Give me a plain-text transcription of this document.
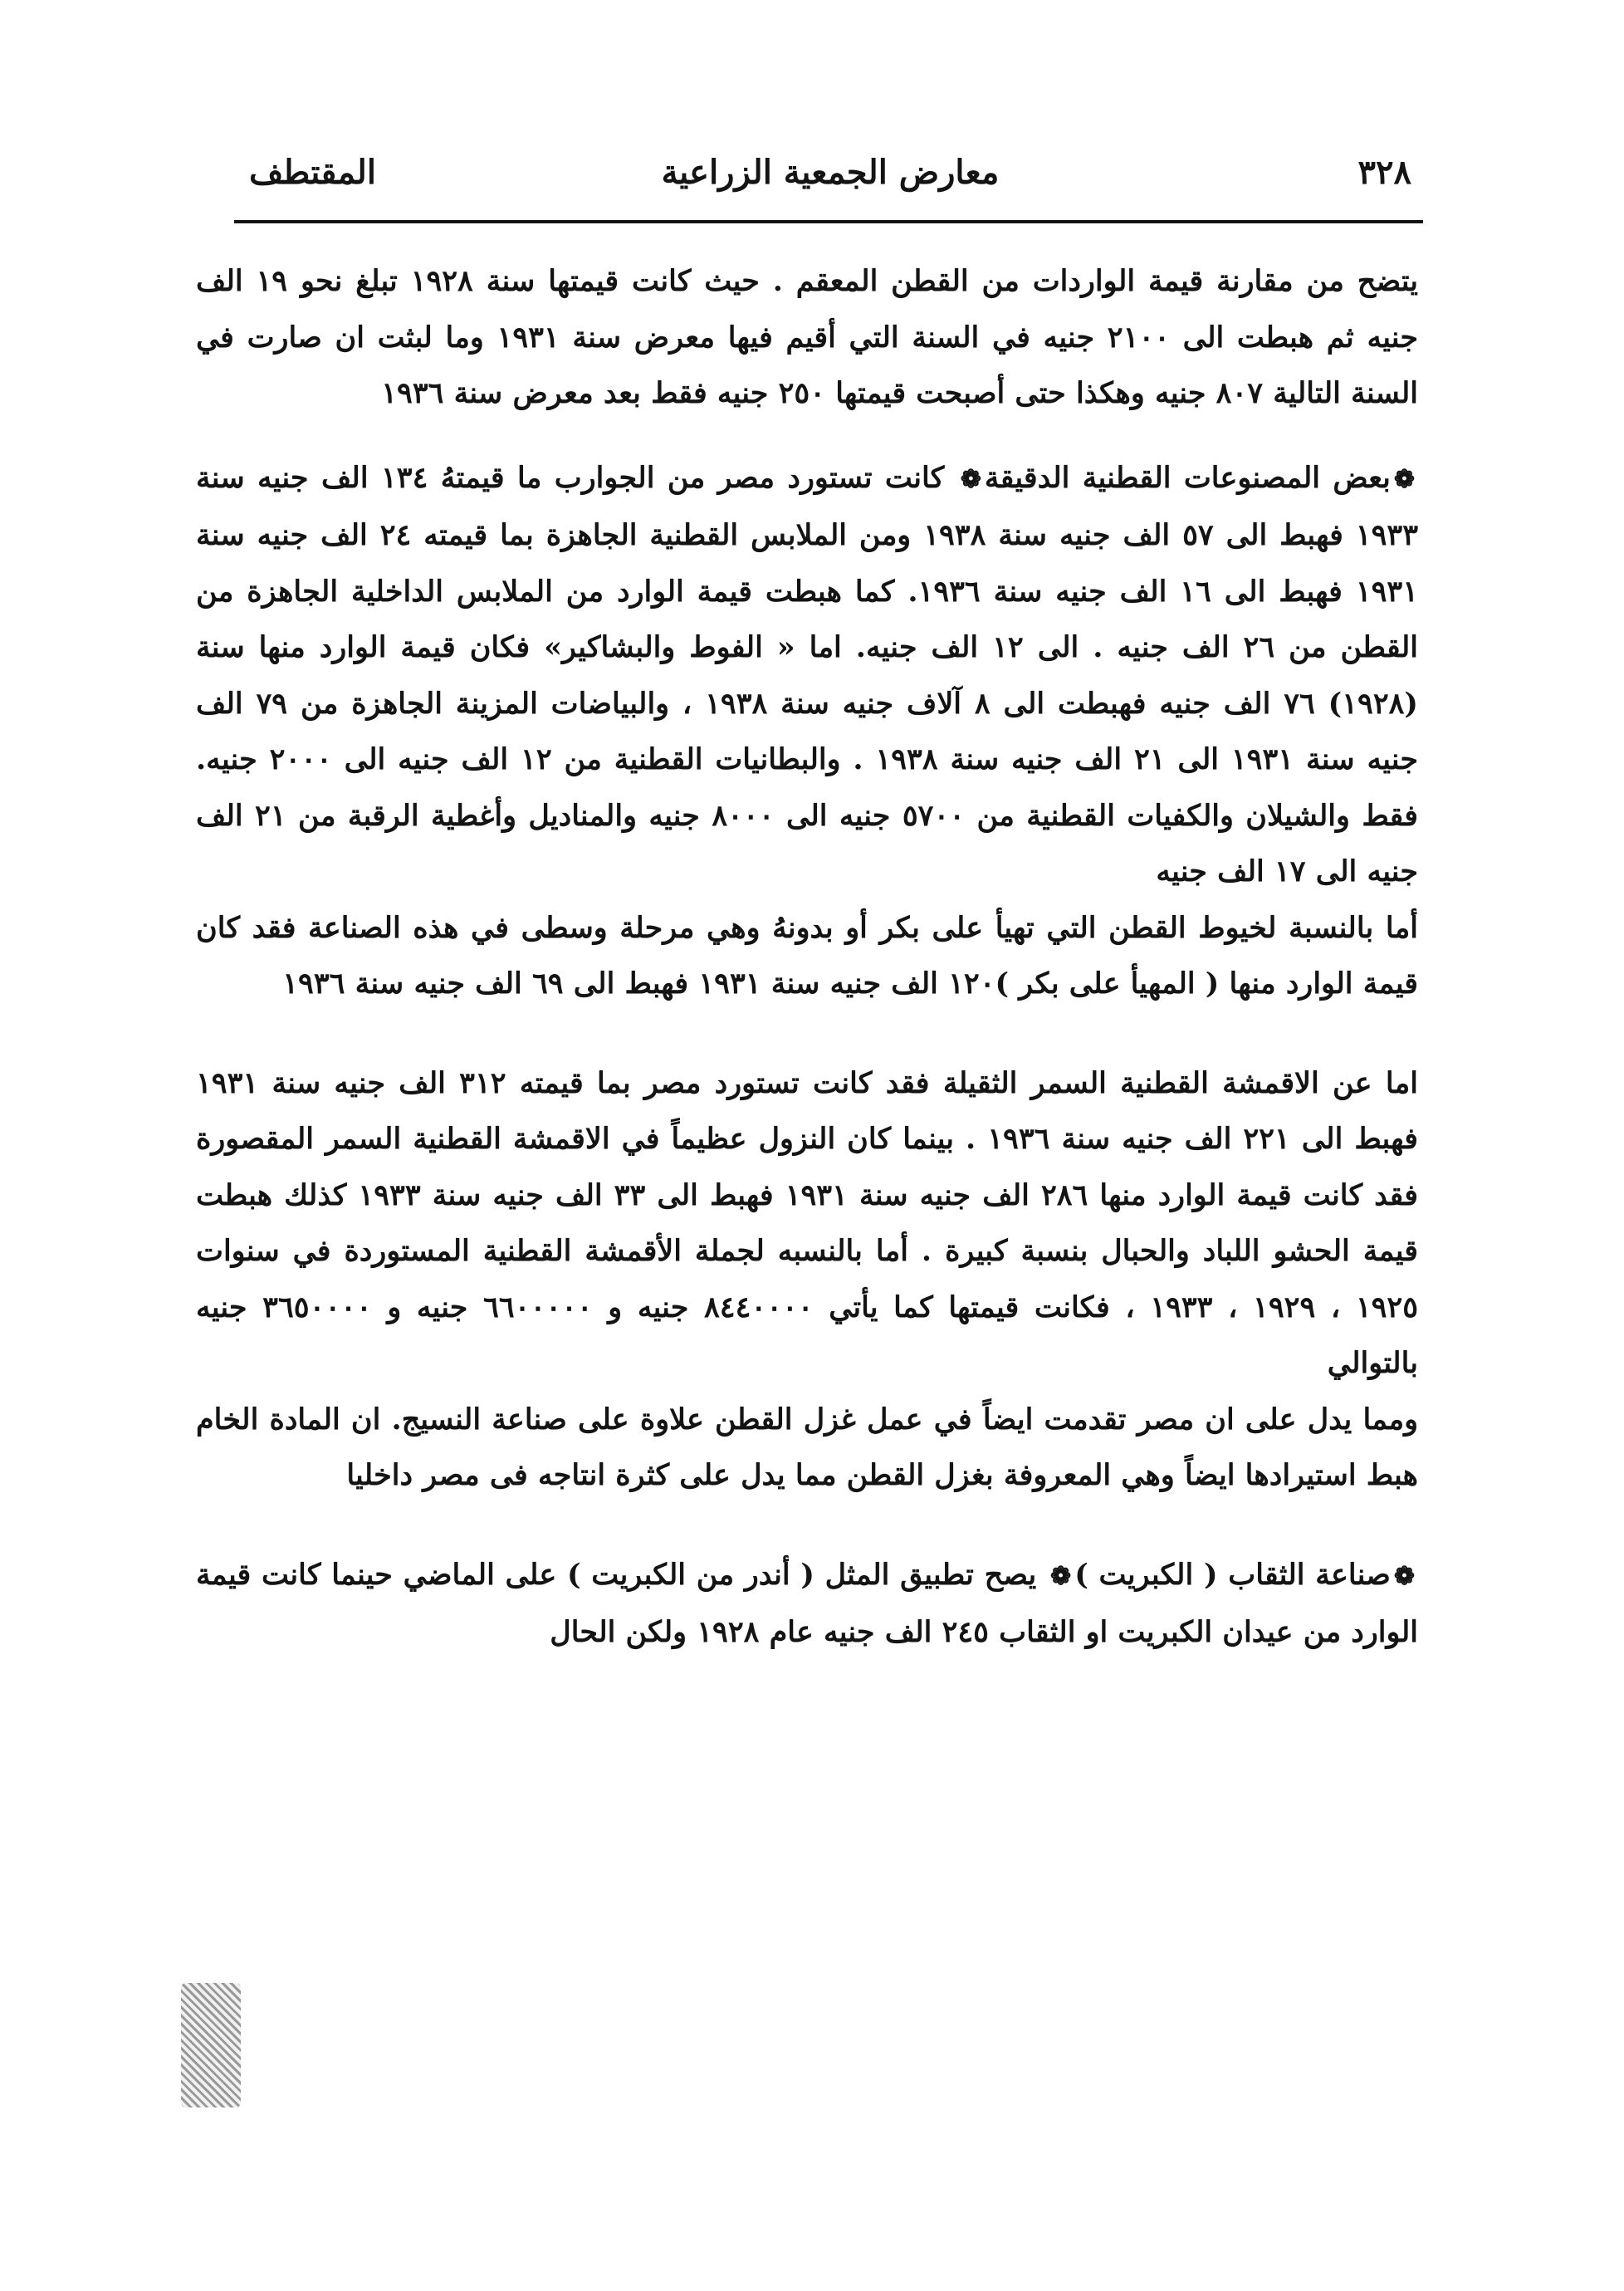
٣٢٨
معارض الجمعية الزراعية
المقتطف

يتضح من مقارنة قيمة الواردات من القطن المعقم . حيث كانت قيمتها سنة ١٩٢٨ تبلغ نحو ١٩ الف جنيه ثم هبطت الى ٢١٠٠ جنيه في السنة التي أقيم فيها معرض سنة ١٩٣١ وما لبثت ان صارت في السنة التالية ٨٠٧ جنيه وهكذا حتى أصبحت قيمتها ٢٥٠ جنيه فقط بعد معرض سنة ١٩٣٦

❁بعض المصنوعات القطنية الدقيقة❁ كانت تستورد مصر من الجوارب ما قيمتهُ ١٣٤ الف جنيه سنة ١٩٣٣ فهبط الى ٥٧ الف جنيه سنة ١٩٣٨ ومن الملابس القطنية الجاهزة بما قيمته ٢٤ الف جنيه سنة ١٩٣١ فهبط الى ١٦ الف جنيه سنة ١٩٣٦. كما هبطت قيمة الوارد من الملابس الداخلية الجاهزة من القطن من ٢٦ الف جنيه . الى ١٢ الف جنيه. اما « الفوط والبشاكير» فكان قيمة الوارد منها سنة (١٩٢٨) ٧٦ الف جنيه فهبطت الى ٨ آلاف جنيه سنة ١٩٣٨ ، والبياضات المزينة الجاهزة من ٧٩ الف جنيه سنة ١٩٣١ الى ٢١ الف جنيه سنة ١٩٣٨ . والبطانيات القطنية من ١٢ الف جنيه الى ٢٠٠٠ جنيه. فقط والشيلان والكفيات القطنية من ٥٧٠٠ جنيه الى ٨٠٠٠ جنيه والمناديل وأغطية الرقبة من ٢١ الف جنيه الى ١٧ الف جنيه

أما بالنسبة لخيوط القطن التي تهيأ على بكر أو بدونهُ وهي مرحلة وسطى في هذه الصناعة فقد كان قيمة الوارد منها ( المهيأ على بكر )١٢٠ الف جنيه سنة ١٩٣١ فهبط الى ٦٩ الف جنيه سنة ١٩٣٦

اما عن الاقمشة القطنية السمر الثقيلة فقد كانت تستورد مصر بما قيمته ٣١٢ الف جنيه سنة ١٩٣١ فهبط الى ٢٢١ الف جنيه سنة ١٩٣٦ . بينما كان النزول عظيماً في الاقمشة القطنية السمر المقصورة فقد كانت قيمة الوارد منها ٢٨٦ الف جنيه سنة ١٩٣١ فهبط الى ٣٣ الف جنيه سنة ١٩٣٣ كذلك هبطت قيمة الحشو اللباد والحبال بنسبة كبيرة . أما بالنسبه لجملة الأقمشة القطنية المستوردة في سنوات ١٩٢٥ ، ١٩٢٩ ، ١٩٣٣ ، فكانت قيمتها كما يأتي ٨٤٤٠٠٠٠ جنيه و ٦٦٠٠٠٠٠ جنيه و ٣٦٥٠٠٠٠ جنيه بالتوالي

ومما يدل على ان مصر تقدمت ايضاً في عمل غزل القطن علاوة على صناعة النسيج. ان المادة الخام هبط استيرادها ايضاً وهي المعروفة بغزل القطن مما يدل على كثرة انتاجه فى مصر داخليا

❁صناعة الثقاب ( الكبريت )❁ يصح تطبيق المثل ( أندر من الكبريت ) على الماضي حينما كانت قيمة الوارد من عيدان الكبريت او الثقاب ٢٤٥ الف جنيه عام ١٩٢٨ ولكن الحال
